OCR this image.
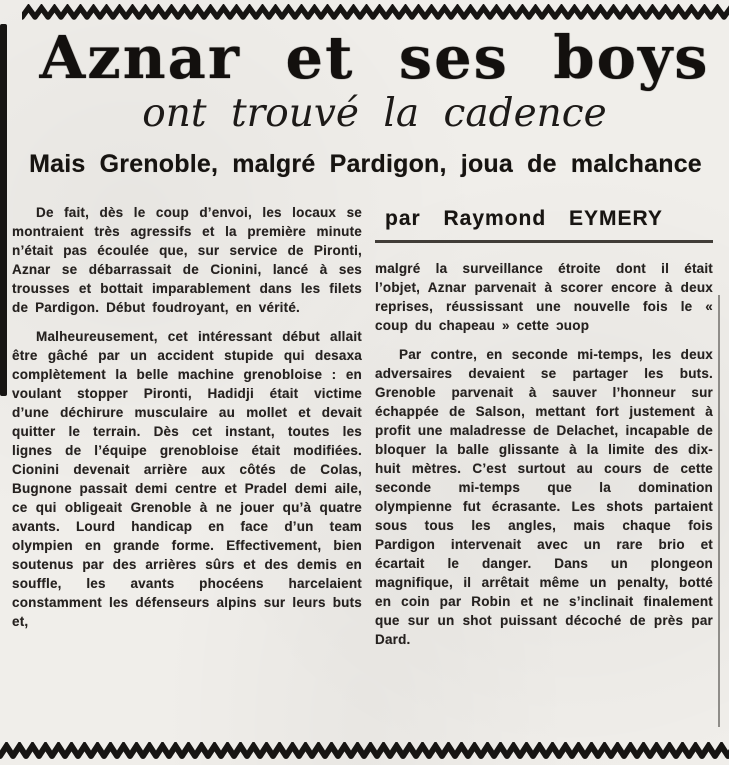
Aznar et ses boys
ont trouvé la cadence
Mais Grenoble, malgré Pardigon, joua de malchance

De fait, dès le coup d’envoi, les locaux se montraient très agressifs et la première minute n’était pas écoulée que, sur service de Pironti, Aznar se débarrassait de Cionini, lancé à ses trousses et bottait imparablement dans les filets de Pardigon. Début foudroyant, en vérité.

Malheureusement, cet intéressant début allait être gâché par un accident stupide qui desaxa complètement la belle machine grenobloise : en voulant stopper Pironti, Hadidji était victime d’une déchirure musculaire au mollet et devait quitter le terrain. Dès cet instant, toutes les lignes de l’équipe grenobloise était modifiées. Cionini devenait arrière aux côtés de Colas, Bugnone passait demi centre et Pradel demi aile, ce qui obligeait Grenoble à ne jouer qu’à quatre avants. Lourd handicap en face d’un team olympien en grande forme. Effectivement, bien soutenus par des arrières sûrs et des demis en souffle, les avants phocéens harcelaient constamment les défenseurs alpins sur leurs buts et,

par Raymond EYMERY

malgré la surveillance étroite dont il était l’objet, Aznar parvenait à scorer encore à deux reprises, réussissant une nouvelle fois le « coup du chapeau » cette ɔuop

Par contre, en seconde mi-temps, les deux adversaires devaient se partager les buts. Grenoble parvenait à sauver l’honneur sur échappée de Salson, mettant fort justement à profit une maladresse de Delachet, incapable de bloquer la balle glissante à la limite des dix-huit mètres. C’est surtout au cours de cette seconde mi-temps que la domination olympienne fut écrasante. Les shots partaient sous tous les angles, mais chaque fois Pardigon intervenait avec un rare brio et écartait le danger. Dans un plongeon magnifique, il arrêtait même un penalty, botté en coin par Robin et ne s’inclinait finalement que sur un shot puissant décoché de près par Dard.
